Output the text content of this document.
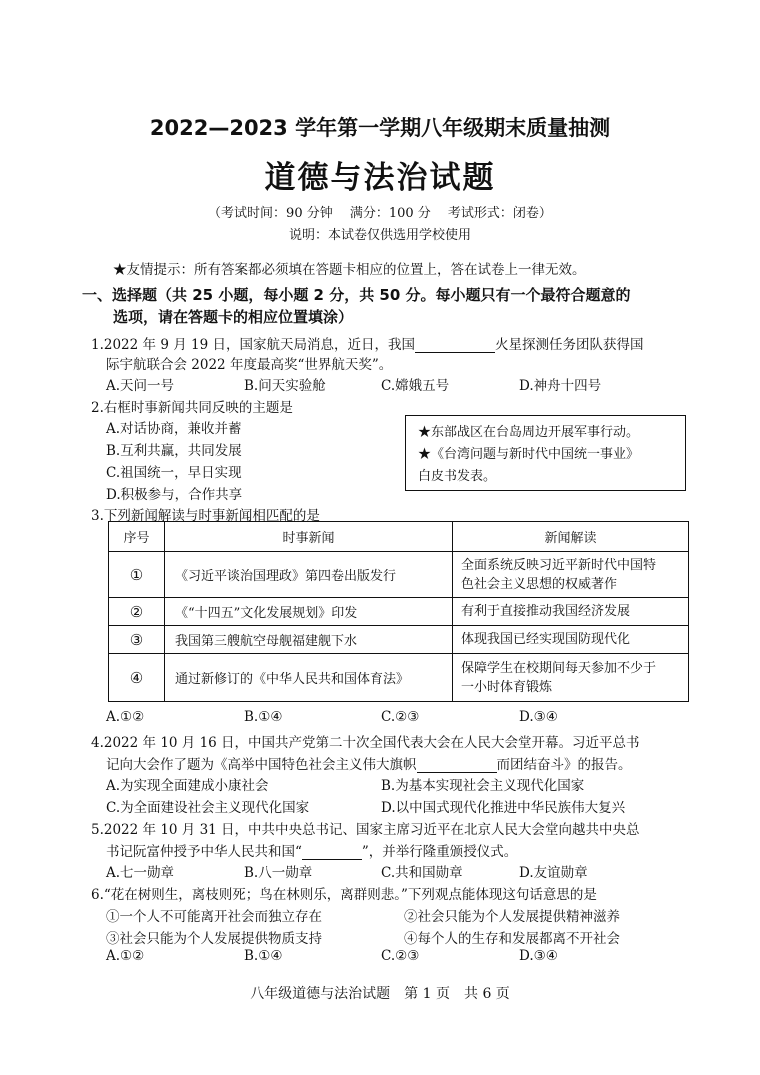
2022—2023 学年第一学期八年级期末质量抽测
道德与法治试题
（考试时间：90 分钟　 满分：100 分　 考试形式：闭卷）
说明：本试卷仅供选用学校使用
★友情提示：所有答案都必须填在答题卡相应的位置上，答在试卷上一律无效。
一、选择题（共 25 小题，每小题 2 分，共 50 分。每小题只有一个最符合题意的
选项，请在答题卡的相应位置填涂）
1.2022 年 9 月 19 日，国家航天局消息，近日，我国	火星探测任务团队获得国
际宇航联合会 2022 年度最高奖“世界航天奖”。
A.天问一号	B.问天实验舱	C.嫦娥五号	D.神舟十四号
2.右框时事新闻共同反映的主题是
A.对话协商，兼收并蓄
B.互利共赢，共同发展
C.祖国统一，早日实现
D.积极参与，合作共享
★东部战区在台岛周边开展军事行动。
★《台湾问题与新时代中国统一事业》
白皮书发表。
3.下列新闻解读与时事新闻相匹配的是
序号	时事新闻	新闻解读
①	《习近平谈治国理政》第四卷出版发行	全面系统反映习近平新时代中国特
色社会主义思想的权威著作

②	《“十四五”文化发展规划》印发	有利于直接推动我国经济发展
③	我国第三艘航空母舰福建舰下水	体现我国已经实现国防现代化
④	通过新修订的《中华人民共和国体育法》	保障学生在校期间每天参加不少于
一小时体育锻炼
A.①②	B.①④	C.②③	D.③④
4.2022 年 10 月 16 日，中国共产党第二十次全国代表大会在人民大会堂开幕。习近平总书
记向大会作了题为《高举中国特色社会主义伟大旗帜	而团结奋斗》的报告。
A.为实现全面建成小康社会	B.为基本实现社会主义现代化国家
C.为全面建设社会主义现代化国家	D.以中国式现代化推进中华民族伟大复兴
5.2022 年 10 月 31 日，中共中央总书记、国家主席习近平在北京人民大会堂向越共中央总
书记阮富仲授予中华人民共和国“	”，并举行隆重颁授仪式。
A.七一勋章	B.八一勋章	C.共和国勋章	D.友谊勋章
6.“花在树则生，离枝则死；鸟在林则乐，离群则悲。”下列观点能体现这句话意思的是
①一个人不可能离开社会而独立存在	②社会只能为个人发展提供精神滋养
③社会只能为个人发展提供物质支持	④每个人的生存和发展都离不开社会
A.①②	B.①④	C.②③	D.③④
八年级道德与法治试题　第 1 页　共 6 页
